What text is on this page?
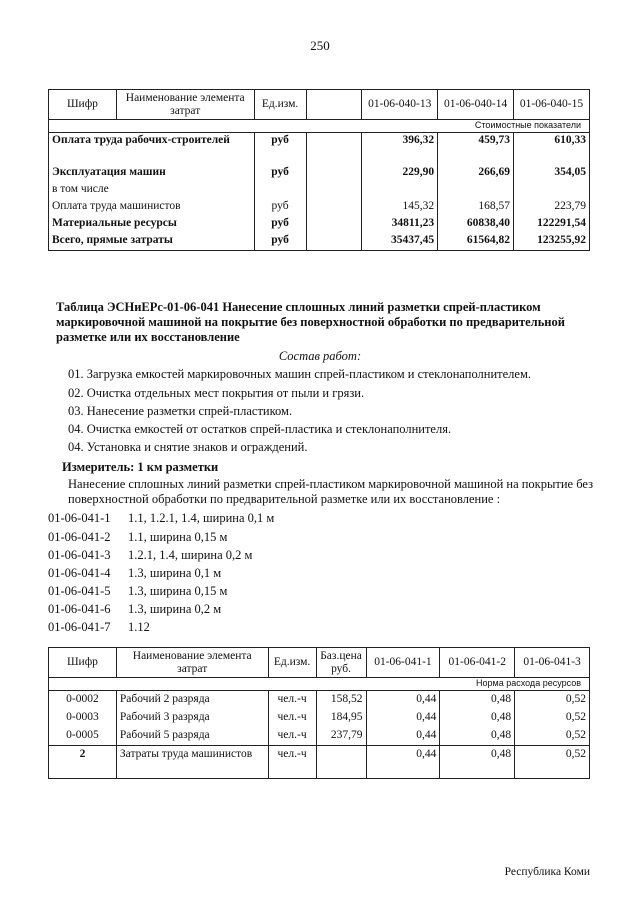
250
Шифр	Наименование элемента затрат	Ед.изм.		01-06-040-13	01-06-040-14	01-06-040-15
Стоимостные показатели						
Оплата труда рабочих-строителей		руб		396,32	459,73	610,33
Эксплуатация машин		руб		229,90	266,69	354,05
в том числе						
Оплата труда машинистов		руб		145,32	168,57	223,79
Материальные ресурсы		руб		34811,23	60838,40	122291,54
Всего, прямые затраты		руб		35437,45	61564,82	123255,92
Таблица ЭСНиЕРс-01-06-041 Нанесение сплошных линий разметки спрей-пластиком маркировочной машиной на покрытие без поверхностной обработки по предварительной разметке или их восстановление
Состав работ:
01. Загрузка емкостей маркировочных машин спрей-пластиком и стеклонаполнителем.
02. Очистка отдельных мест покрытия от пыли и грязи.
03. Нанесение разметки спрей-пластиком.
04. Очистка емкостей от остатков спрей-пластика и стеклонаполнителя.
04. Установка и снятие знаков и ограждений.
Измеритель: 1 км разметки
Нанесение сплошных линий разметки спрей-пластиком маркировочной машиной на покрытие без поверхностной обработки по предварительной разметке или их восстановление :
01-06-041-1 1.1, 1.2.1, 1.4, ширина 0,1 м
01-06-041-2 1.1, ширина 0,15 м
01-06-041-3 1.2.1, 1.4, ширина 0,2 м
01-06-041-4 1.3, ширина 0,1 м
01-06-041-5 1.3, ширина 0,15 м
01-06-041-6 1.3, ширина 0,2 м
01-06-041-7 1.12
Шифр	Наименование элемента затрат	Ед.изм.	Баз.цена руб.	01-06-041-1	01-06-041-2	01-06-041-3
Норма расхода ресурсов						
0-0002	Рабочий 2 разряда	чел.-ч	158,52	0,44	0,48	0,52
0-0003	Рабочий 3 разряда	чел.-ч	184,95	0,44	0,48	0,52
0-0005	Рабочий 5 разряда	чел.-ч	237,79	0,44	0,48	0,52
2	Затраты труда машинистов	чел.-ч		0,44	0,48	0,52
Республика Коми
